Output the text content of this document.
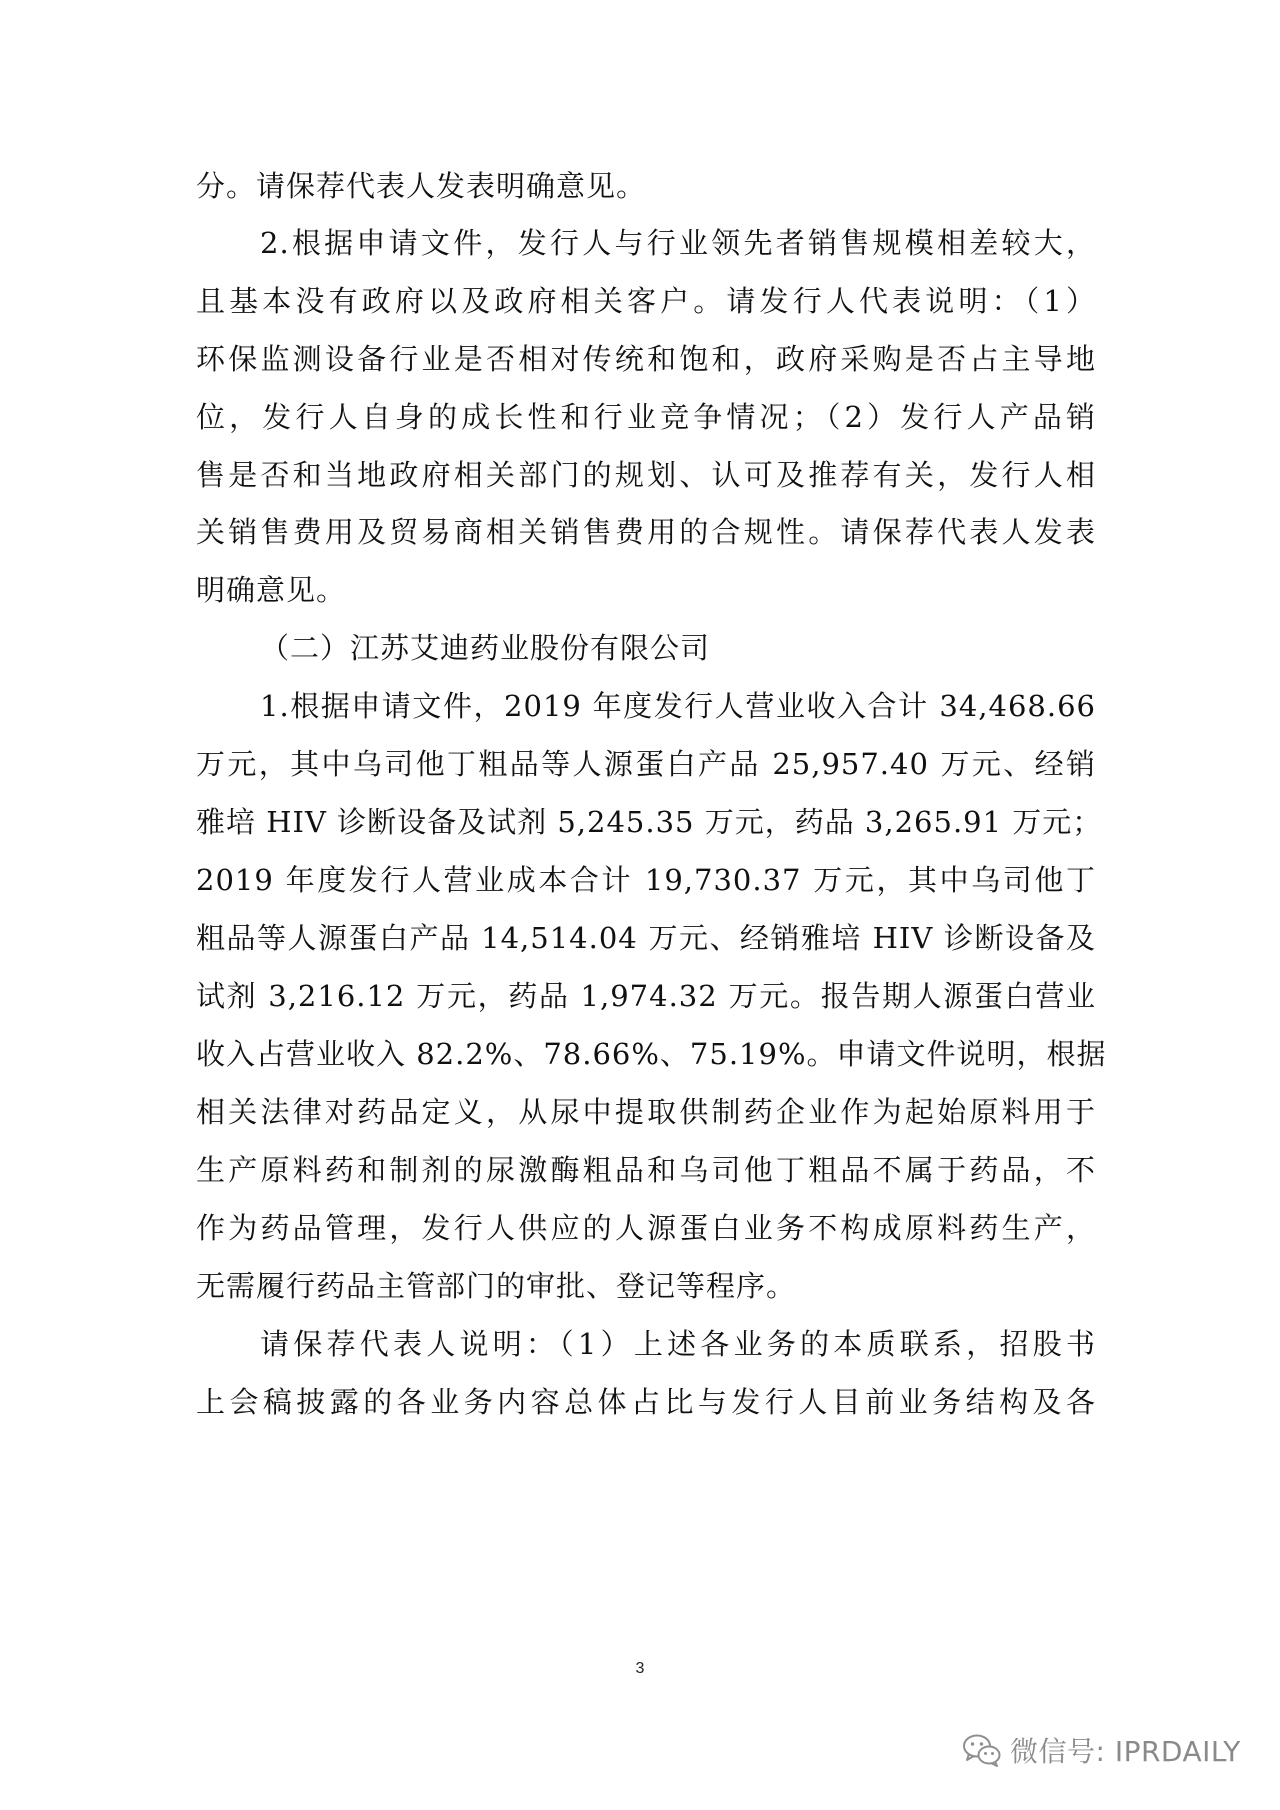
分。请保荐代表人发表明确意见。
2.根据申请文件，发行人与行业领先者销售规模相差较大，
且基本没有政府以及政府相关客户。请发行人代表说明：（1）
环保监测设备行业是否相对传统和饱和，政府采购是否占主导地
位，发行人自身的成长性和行业竞争情况；（2）发行人产品销
售是否和当地政府相关部门的规划、认可及推荐有关，发行人相
关销售费用及贸易商相关销售费用的合规性。请保荐代表人发表
明确意见。
（二）江苏艾迪药业股份有限公司
1.根据申请文件，2019 年度发行人营业收入合计 34,468.66
万元，其中乌司他丁粗品等人源蛋白产品 25,957.40 万元、经销
雅培 HIV 诊断设备及试剂 5,245.35 万元，药品 3,265.91 万元；
2019 年度发行人营业成本合计 19,730.37 万元，其中乌司他丁
粗品等人源蛋白产品 14,514.04 万元、经销雅培 HIV 诊断设备及
试剂 3,216.12 万元，药品 1,974.32 万元。报告期人源蛋白营业
收入占营业收入 82.2%、78.66%、75.19%。申请文件说明，根据
相关法律对药品定义，从尿中提取供制药企业作为起始原料用于
生产原料药和制剂的尿激酶粗品和乌司他丁粗品不属于药品，不
作为药品管理，发行人供应的人源蛋白业务不构成原料药生产，
无需履行药品主管部门的审批、登记等程序。
请保荐代表人说明：（1）上述各业务的本质联系，招股书
上会稿披露的各业务内容总体占比与发行人目前业务结构及各
3
微信号: IPRDAILY
